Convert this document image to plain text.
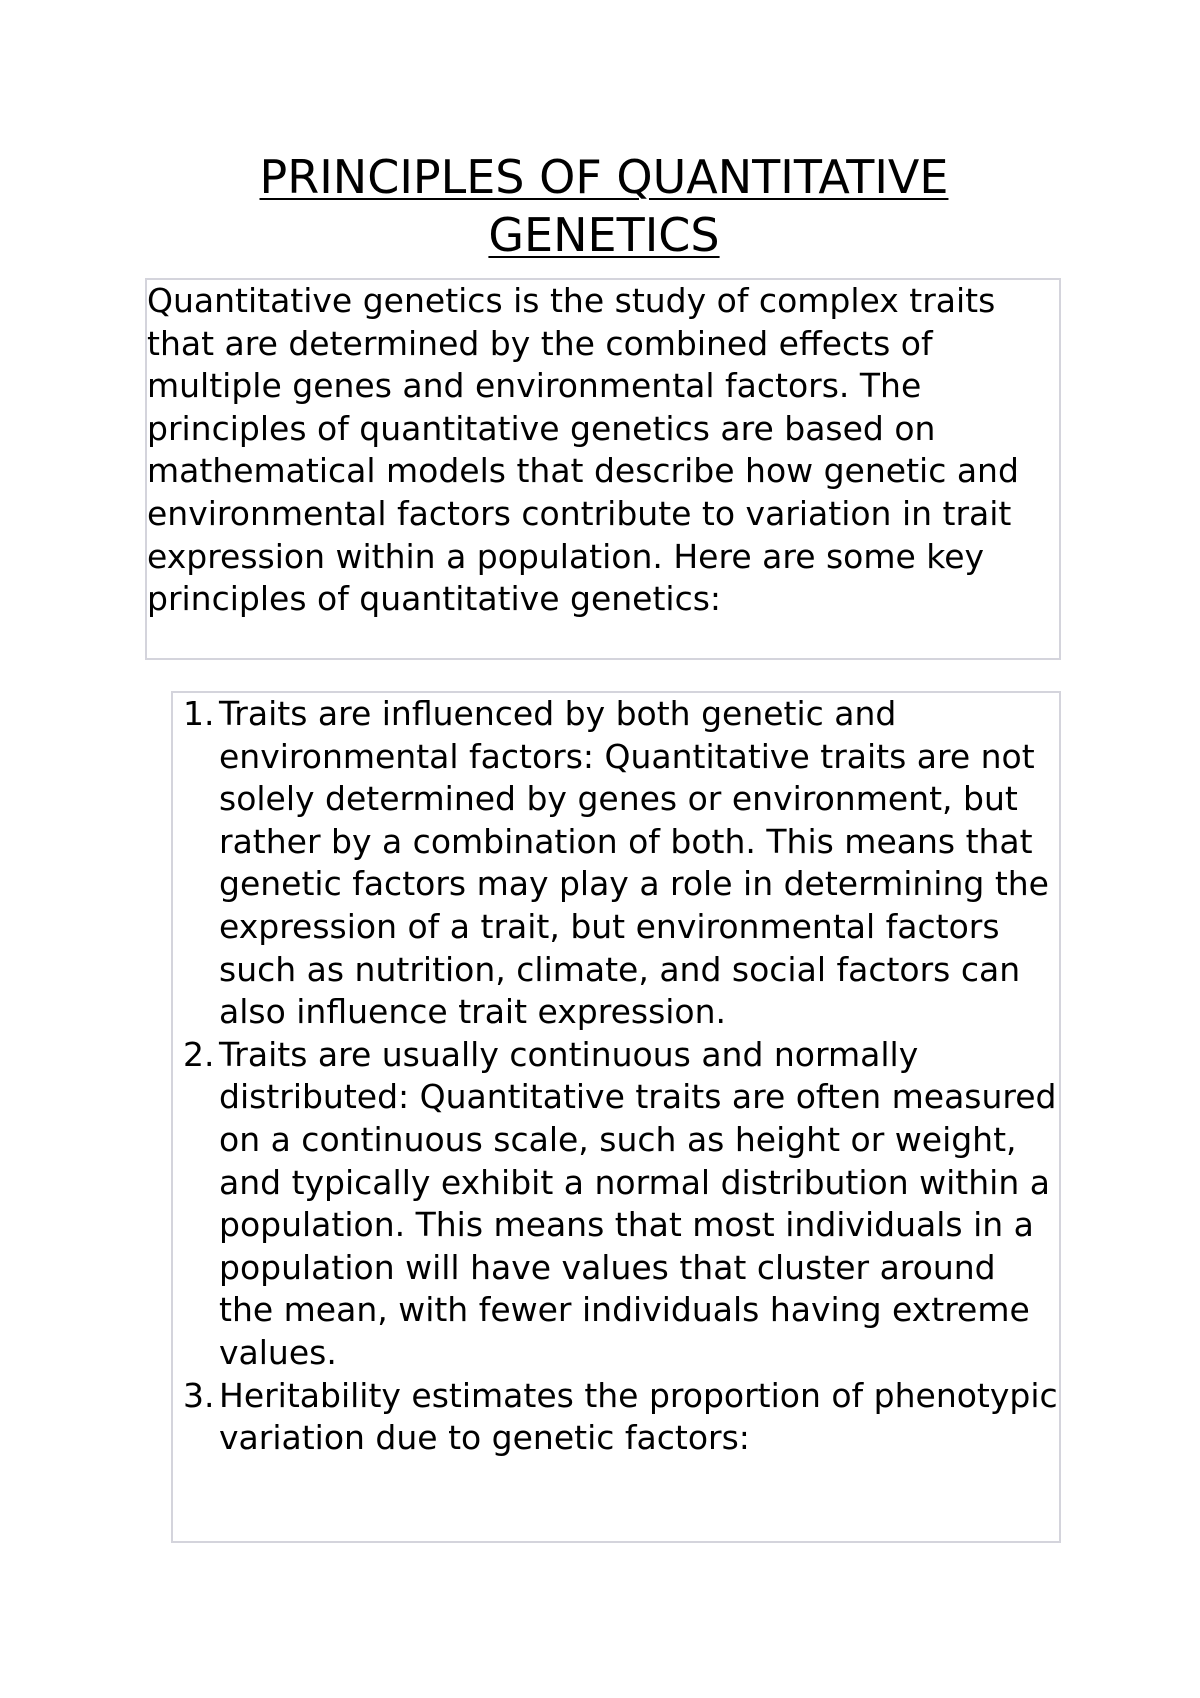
PRINCIPLES OF QUANTITATIVE
GENETICS

Quantitative genetics is the study of complex traits that are determined by the combined effects of multiple genes and environmental factors. The principles of quantitative genetics are based on mathematical models that describe how genetic and environmental factors contribute to variation in trait expression within a population. Here are some key principles of quantitative genetics:

1. Traits are influenced by both genetic and environmental factors: Quantitative traits are not solely determined by genes or environment, but rather by a combination of both. This means that genetic factors may play a role in determining the expression of a trait, but environmental factors such as nutrition, climate, and social factors can also influence trait expression.
2. Traits are usually continuous and normally distributed: Quantitative traits are often measured on a continuous scale, such as height or weight, and typically exhibit a normal distribution within a population. This means that most individuals in a population will have values that cluster around the mean, with fewer individuals having extreme values.
3. Heritability estimates the proportion of phenotypic variation due to genetic factors:
